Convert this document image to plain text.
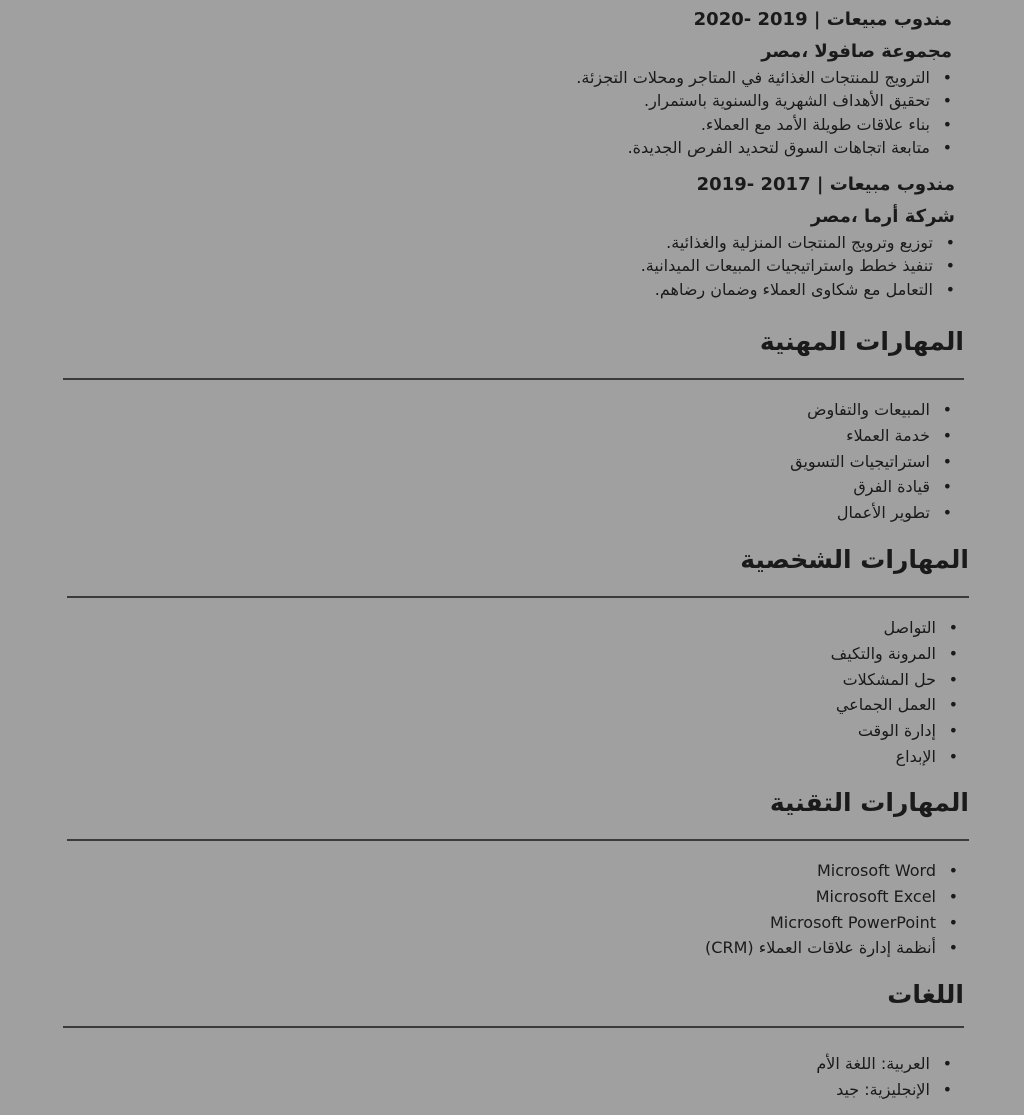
مندوب مبيعات | 2019 -2020
مجموعة صافولا ،مصر
• الترويج للمنتجات الغذائية في المتاجر ومحلات التجزئة.
• تحقيق الأهداف الشهرية والسنوية باستمرار.
• بناء علاقات طويلة الأمد مع العملاء.
• متابعة اتجاهات السوق لتحديد الفرص الجديدة.
مندوب مبيعات | 2017 -2019
شركة أرما ،مصر
• توزيع وترويج المنتجات المنزلية والغذائية.
• تنفيذ خطط واستراتيجيات المبيعات الميدانية.
• التعامل مع شكاوى العملاء وضمان رضاهم.
المهارات المهنية
• المبيعات والتفاوض
• خدمة العملاء
• استراتيجيات التسويق
• قيادة الفرق
• تطوير الأعمال
المهارات الشخصية
• التواصل
• المرونة والتكيف
• حل المشكلات
• العمل الجماعي
• إدارة الوقت
• الإبداع
المهارات التقنية
• Microsoft Word
• Microsoft Excel
• Microsoft PowerPoint
• أنظمة إدارة علاقات العملاء (CRM)
اللغات
• العربية: اللغة الأم
• الإنجليزية: جيد
